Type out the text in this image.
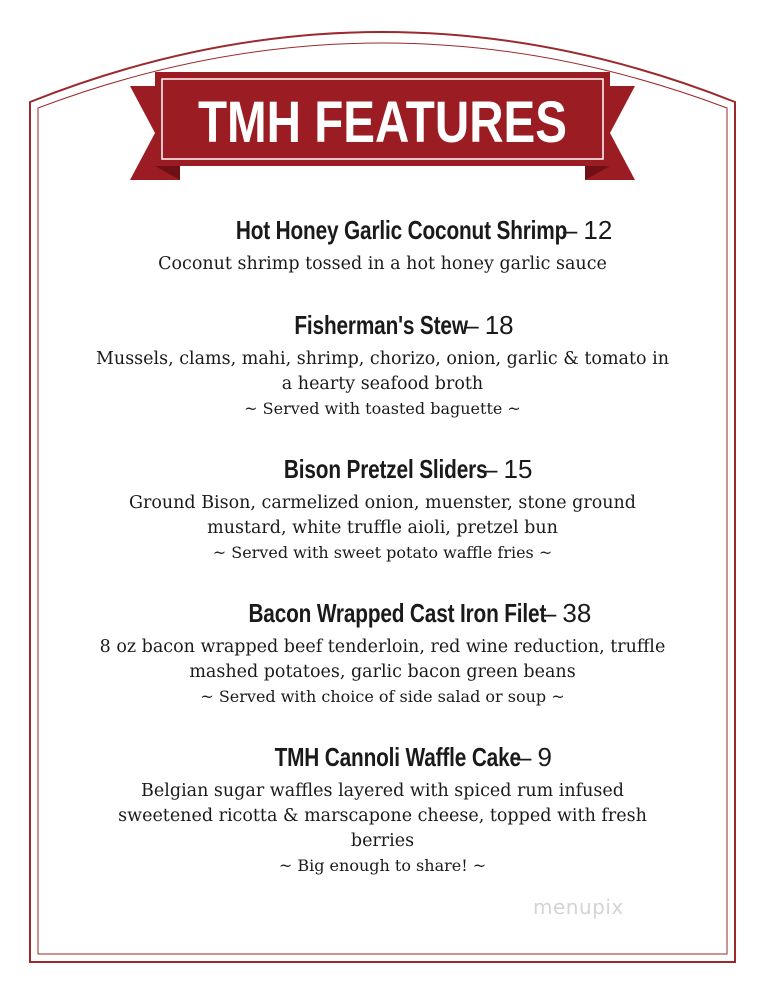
TMH FEATURES
Hot Honey Garlic Coconut Shrimp
– 12

Coconut shrimp tossed in a hot honey garlic sauce

Fisherman's Stew
– 18

Mussels, clams, mahi, shrimp, chorizo, onion, garlic & tomato in

a hearty seafood broth

~ Served with toasted baguette ~

Bison Pretzel Sliders
– 15

Ground Bison, carmelized onion, muenster, stone ground

mustard, white truffle aioli, pretzel bun

~ Served with sweet potato waffle fries ~

Bacon Wrapped Cast Iron Filet
– 38

8 oz bacon wrapped beef tenderloin, red wine reduction, truffle

mashed potatoes, garlic bacon green beans

~ Served with choice of side salad or soup ~

TMH Cannoli Waffle Cake
– 9

Belgian sugar waffles layered with spiced rum infused

sweetened ricotta & marscapone cheese, topped with fresh

berries

~ Big enough to share! ~

menupix
